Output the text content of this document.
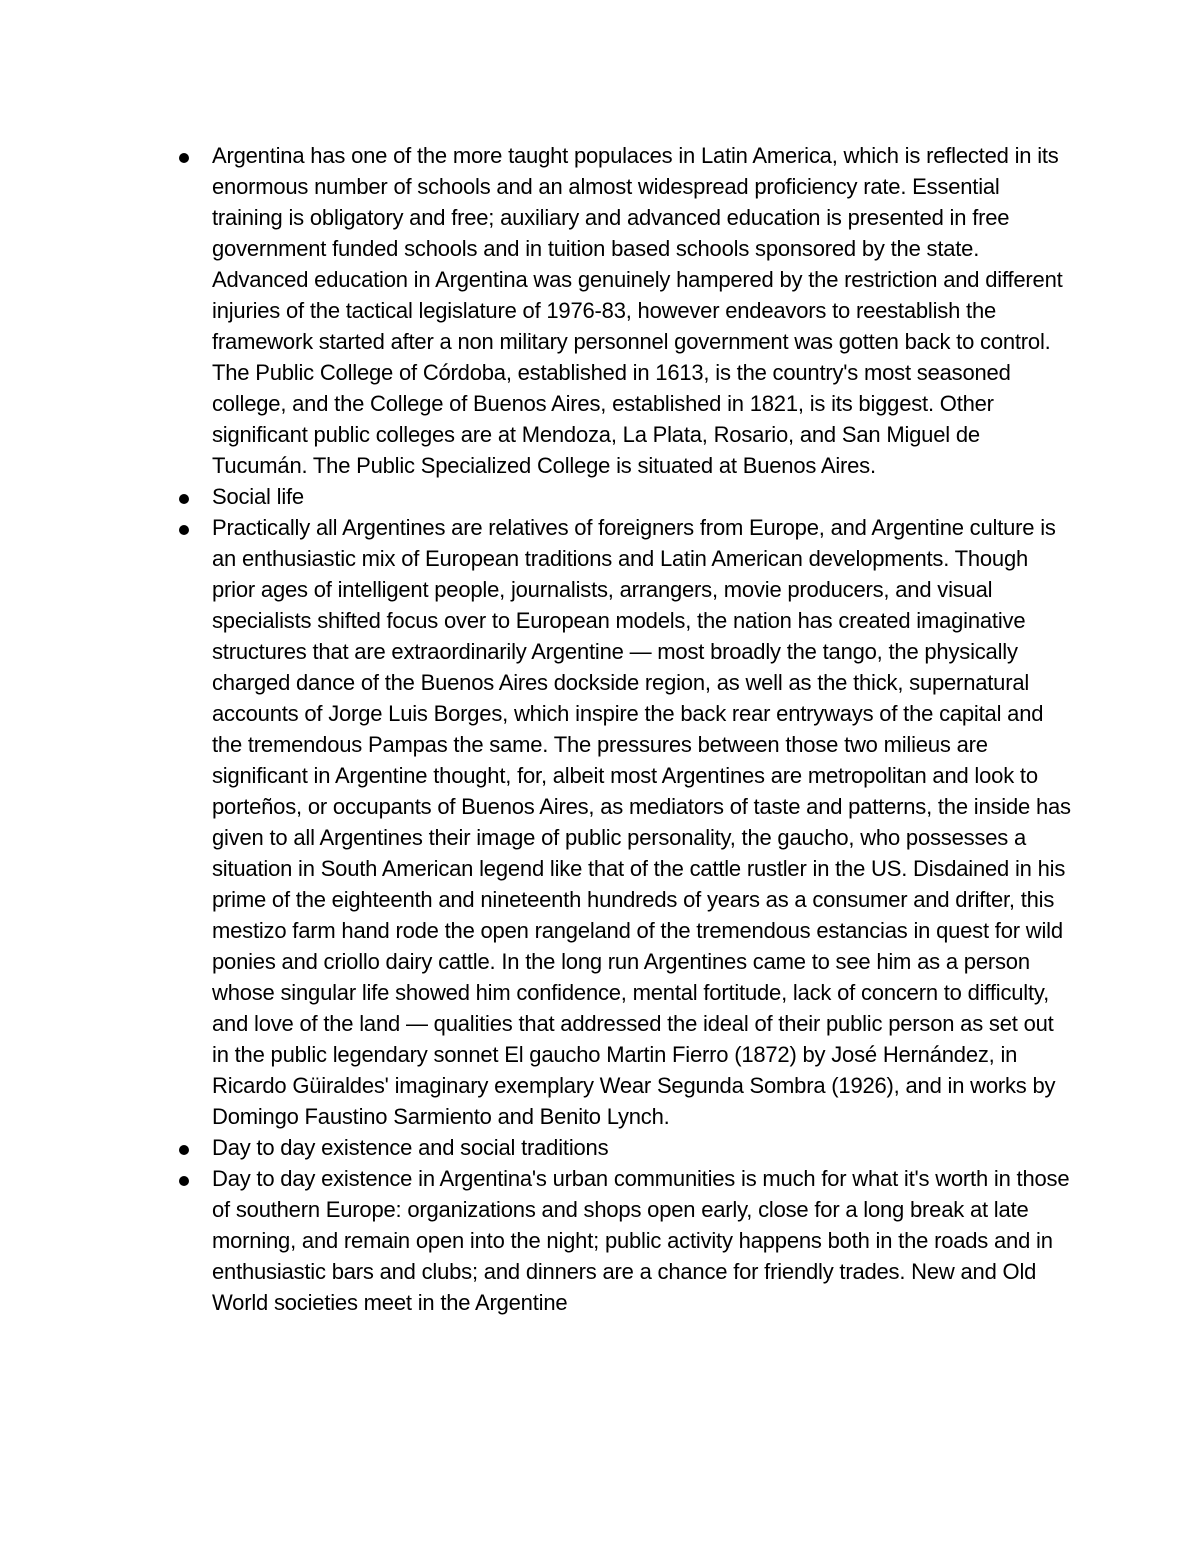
Argentina has one of the more taught populaces in Latin America, which is reflected in its enormous number of schools and an almost widespread proficiency rate. Essential training is obligatory and free; auxiliary and advanced education is presented in free government funded schools and in tuition based schools sponsored by the state. Advanced education in Argentina was genuinely hampered by the restriction and different injuries of the tactical legislature of 1976-83, however endeavors to reestablish the framework started after a non military personnel government was gotten back to control. The Public College of Córdoba, established in 1613, is the country's most seasoned college, and the College of Buenos Aires, established in 1821, is its biggest. Other significant public colleges are at Mendoza, La Plata, Rosario, and San Miguel de Tucumán. The Public Specialized College is situated at Buenos Aires.
Social life
Practically all Argentines are relatives of foreigners from Europe, and Argentine culture is an enthusiastic mix of European traditions and Latin American developments. Though prior ages of intelligent people, journalists, arrangers, movie producers, and visual specialists shifted focus over to European models, the nation has created imaginative structures that are extraordinarily Argentine — most broadly the tango, the physically charged dance of the Buenos Aires dockside region, as well as the thick, supernatural accounts of Jorge Luis Borges, which inspire the back rear entryways of the capital and the tremendous Pampas the same. The pressures between those two milieus are significant in Argentine thought, for, albeit most Argentines are metropolitan and look to porteños, or occupants of Buenos Aires, as mediators of taste and patterns, the inside has given to all Argentines their image of public personality, the gaucho, who possesses a situation in South American legend like that of the cattle rustler in the US. Disdained in his prime of the eighteenth and nineteenth hundreds of years as a consumer and drifter, this mestizo farm hand rode the open rangeland of the tremendous estancias in quest for wild ponies and criollo dairy cattle. In the long run Argentines came to see him as a person whose singular life showed him confidence, mental fortitude, lack of concern to difficulty, and love of the land — qualities that addressed the ideal of their public person as set out in the public legendary sonnet El gaucho Martin Fierro (1872) by José Hernández, in Ricardo Güiraldes' imaginary exemplary Wear Segunda Sombra (1926), and in works by Domingo Faustino Sarmiento and Benito Lynch.
Day to day existence and social traditions
Day to day existence in Argentina's urban communities is much for what it's worth in those of southern Europe: organizations and shops open early, close for a long break at late morning, and remain open into the night; public activity happens both in the roads and in enthusiastic bars and clubs; and dinners are a chance for friendly trades. New and Old World societies meet in the Argentine
